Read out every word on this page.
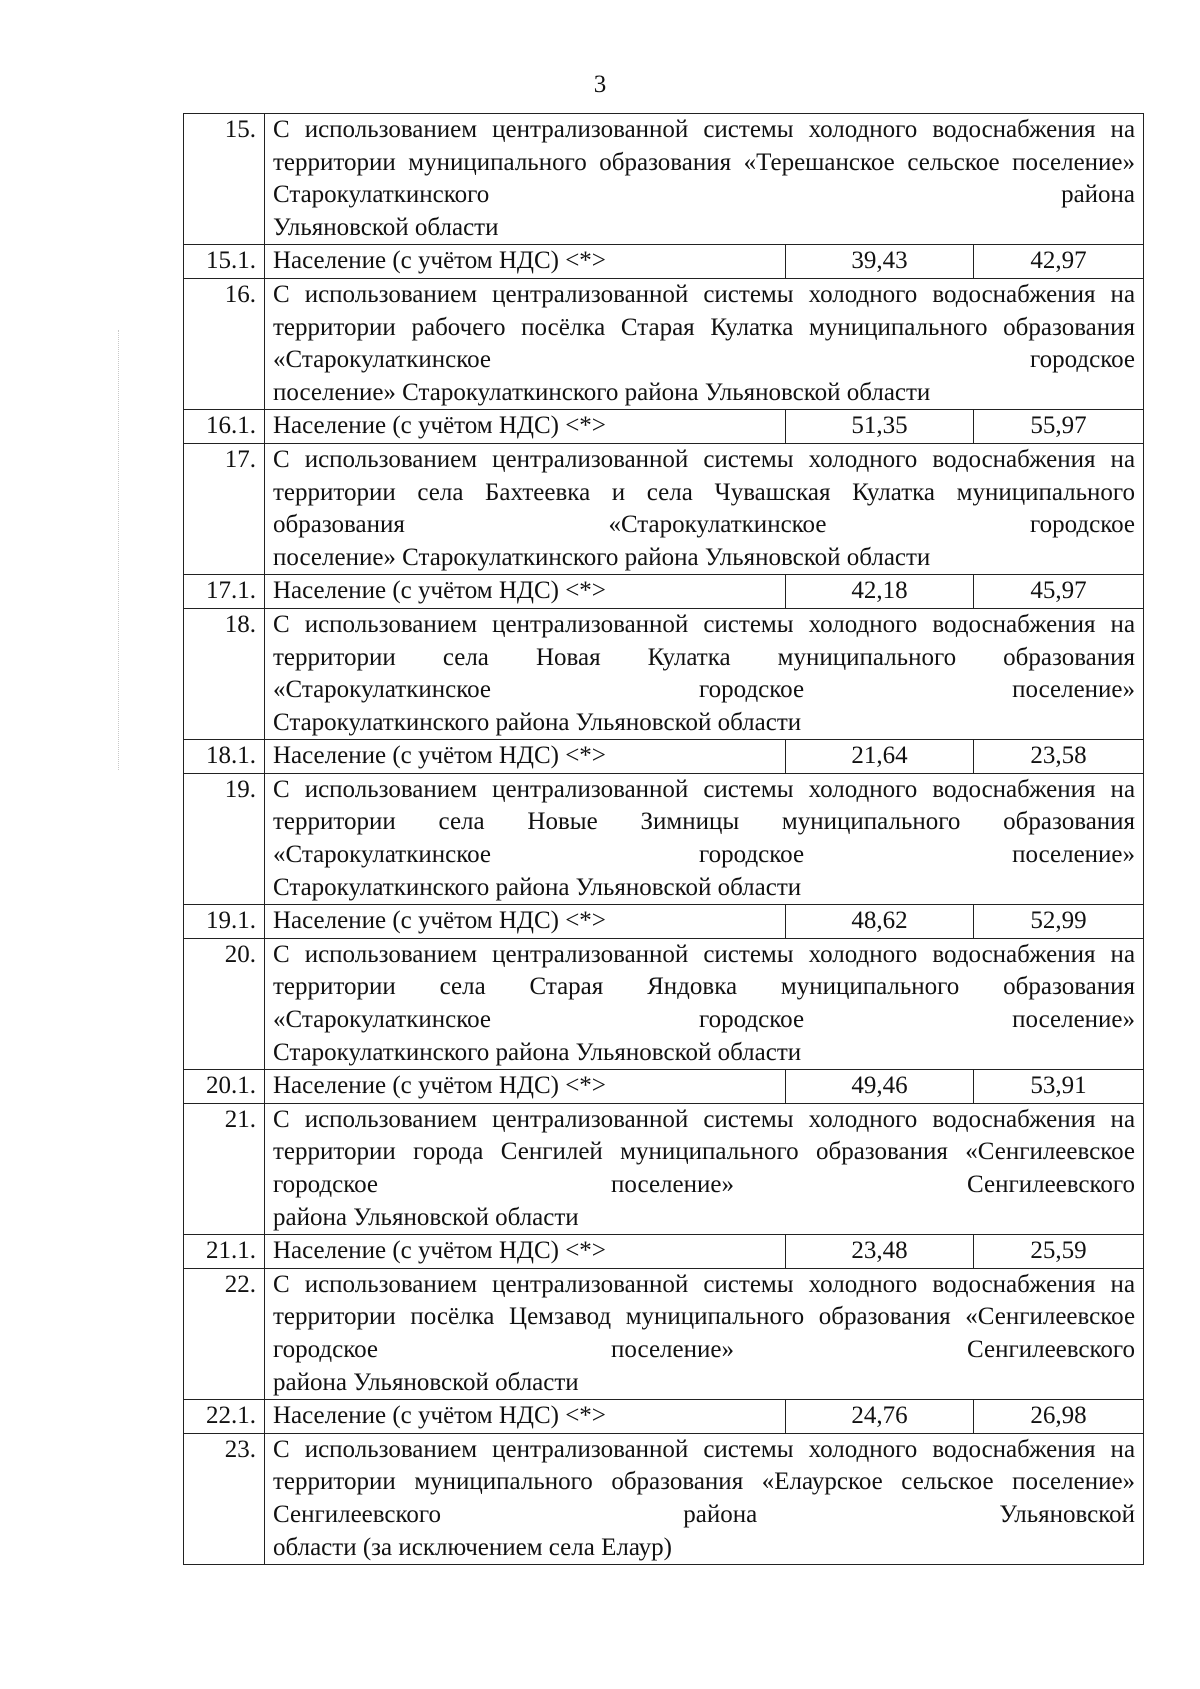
3
15.	С использованием централизованной системы холодного водоснабжения на территории муниципального образования «Терешанское сельское поселение» Старокулаткинского района
Ульяновской области		

15.1.	Население (с учётом НДС) <*>	39,43	42,97
16.	С использованием централизованной системы холодного водоснабжения на территории рабочего посёлка Старая Кулатка муниципального образования «Старокулаткинское городское
поселение» Старокулаткинского района Ульяновской области		

16.1.	Население (с учётом НДС) <*>	51,35	55,97
17.	С использованием централизованной системы холодного водоснабжения на территории села Бахтеевка и села Чувашская Кулатка муниципального образования «Старокулаткинское городское
поселение» Старокулаткинского района Ульяновской области		

17.1.	Население (с учётом НДС) <*>	42,18	45,97
18.	С использованием централизованной системы холодного водоснабжения на территории села Новая Кулатка муниципального образования «Старокулаткинское городское поселение»
Старокулаткинского района Ульяновской области		

18.1.	Население (с учётом НДС) <*>	21,64	23,58
19.	С использованием централизованной системы холодного водоснабжения на территории села Новые Зимницы муниципального образования «Старокулаткинское городское поселение»
Старокулаткинского района Ульяновской области		

19.1.	Население (с учётом НДС) <*>	48,62	52,99
20.	С использованием централизованной системы холодного водоснабжения на территории села Старая Яндовка муниципального образования «Старокулаткинское городское поселение»
Старокулаткинского района Ульяновской области		

20.1.	Население (с учётом НДС) <*>	49,46	53,91
21.	С использованием централизованной системы холодного водоснабжения на территории города Сенгилей муниципального образования «Сенгилеевское городское поселение» Сенгилеевского
района Ульяновской области		

21.1.	Население (с учётом НДС) <*>	23,48	25,59
22.	С использованием централизованной системы холодного водоснабжения на территории посёлка Цемзавод муниципального образования «Сенгилеевское городское поселение» Сенгилеевского
района Ульяновской области		

22.1.	Население (с учётом НДС) <*>	24,76	26,98
23.	С использованием централизованной системы холодного водоснабжения на территории муниципального образования «Елаурское сельское поселение» Сенгилеевского района Ульяновской
области (за исключением села Елаур)		
